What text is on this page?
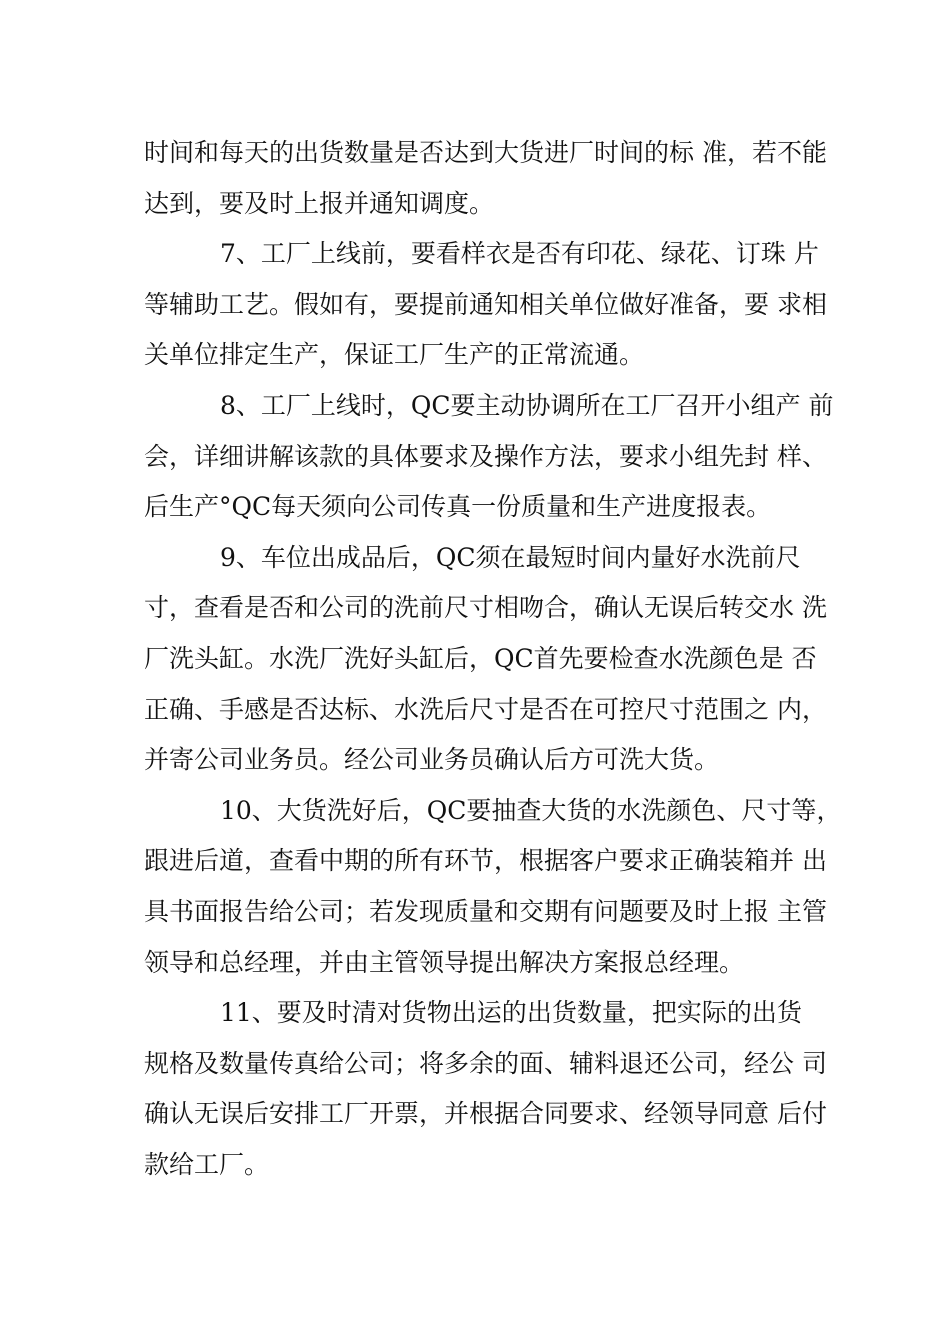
时间和每天的出货数量是否达到大货进厂时间的标 准，若不能
达到，要及时上报并通知调度。
7、工厂上线前，要看样衣是否有印花、绿花、订珠 片
等辅助工艺。假如有，要提前通知相关单位做好准备，要 求相
关单位排定生产，保证工厂生产的正常流通。
8、工厂上线时，QC要主动协调所在工厂召开小组产 前
会，详细讲解该款的具体要求及操作方法，要求小组先封 样、
后生产°QC每天须向公司传真一份质量和生产进度报表。
9、车位出成品后，QC须在最短时间内量好水洗前尺
寸，查看是否和公司的洗前尺寸相吻合，确认无误后转交水 洗
厂洗头缸。水洗厂洗好头缸后，QC首先要检查水洗颜色是 否
正确、手感是否达标、水洗后尺寸是否在可控尺寸范围之 内，
并寄公司业务员。经公司业务员确认后方可洗大货。
10、大货洗好后，QC要抽查大货的水洗颜色、尺寸等，
跟进后道，查看中期的所有环节，根据客户要求正确装箱并 出
具书面报告给公司；若发现质量和交期有问题要及时上报 主管
领导和总经理，并由主管领导提出解决方案报总经理。
11、要及时清对货物出运的出货数量，把实际的出货
规格及数量传真给公司；将多余的面、辅料退还公司，经公 司
确认无误后安排工厂开票，并根据合同要求、经领导同意 后付
款给工厂。
